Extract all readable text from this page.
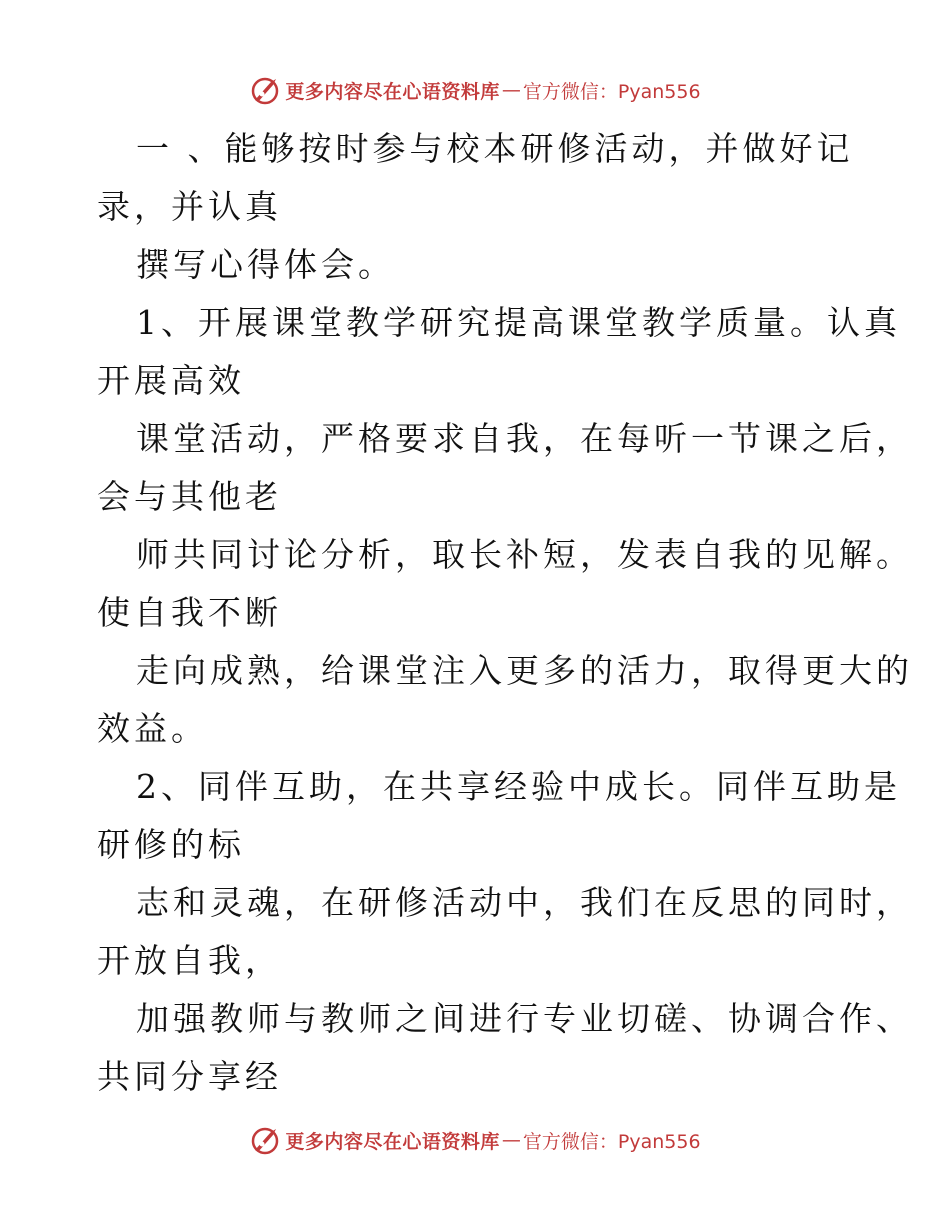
更多内容尽在心语资料库 — 官方微信：Pyan556
一 、能够按时参与校本研修活动，并做好记
录，并认真
撰写心得体会。
1、开展课堂教学研究提高课堂教学质量。认真
开展高效
课堂活动，严格要求自我，在每听一节课之后，
会与其他老
师共同讨论分析，取长补短，发表自我的见解。
使自我不断
走向成熟，给课堂注入更多的活力，取得更大的
效益。
2、同伴互助，在共享经验中成长。同伴互助是
研修的标
志和灵魂，在研修活动中，我们在反思的同时，
开放自我，
加强教师与教师之间进行专业切磋、协调合作、
共同分享经
更多内容尽在心语资料库 — 官方微信：Pyan556
